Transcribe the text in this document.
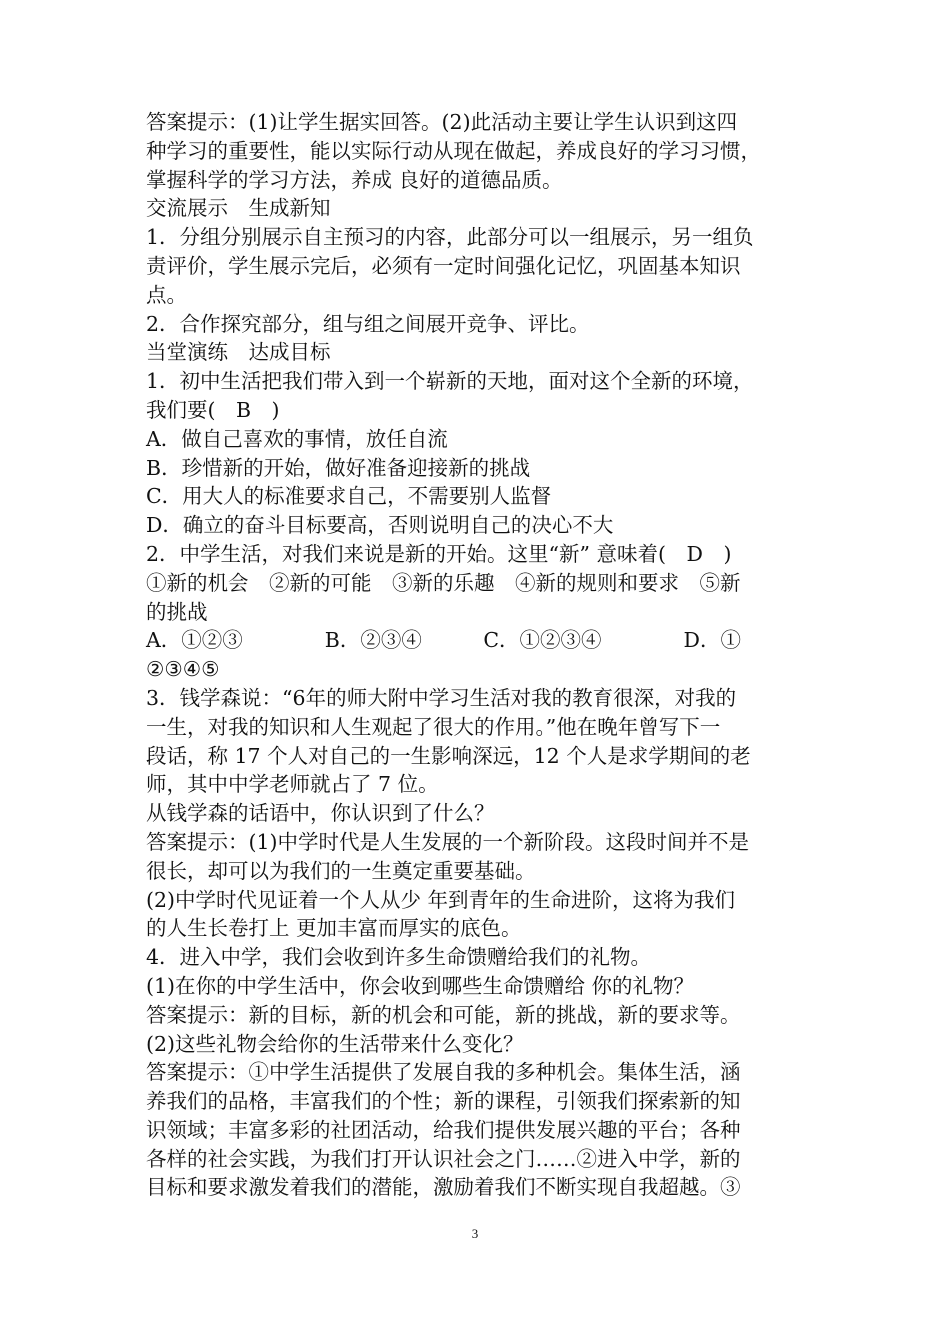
答案提示：(1)让学生据实回答。(2)此活动主要让学生认识到这四
种学习的重要性，能以实际行动从现在做起，养成良好的学习习惯，
掌握科学的学习方法，养成 良好的道德品质。
交流展示　生成新知
1．分组分别展示自主预习的内容，此部分可以一组展示，另一组负
责评价，学生展示完后，必须有一定时间强化记忆，巩固基本知识
点。
2．合作探究部分，组与组之间展开竞争、评比。
当堂演练　达成目标
1．初中生活把我们带入到一个崭新的天地，面对这个全新的环境，
我们要(　B　)
A．做自己喜欢的事情，放任自流
B．珍惜新的开始，做好准备迎接新的挑战
C．用大人的标准要求自己，不需要别人监督
D．确立的奋斗目标要高，否则说明自己的决心不大
2．中学生活，对我们来说是新的开始。这里“新” 意味着(　D　)
①新的机会　②新的可能　③新的乐趣　④新的规则和要求　⑤新
的挑战
A．①②③　　　　B．②③④　　　C．①②③④　　　　D．①
②③④⑤
3．钱学森说：“6年的师大附中学习生活对我的教育很深，对我的
一生，对我的知识和人生观起了很大的作用。”他在晚年曾写下一
段话，称 17 个人对自己的一生影响深远，12 个人是求学期间的老
师，其中中学老师就占了 7 位。
从钱学森的话语中，你认识到了什么？
答案提示：(1)中学时代是人生发展的一个新阶段。这段时间并不是
很长，却可以为我们的一生奠定重要基础。
(2)中学时代见证着一个人从少 年到青年的生命进阶，这将为我们
的人生长卷打上 更加丰富而厚实的底色。
4．进入中学，我们会收到许多生命馈赠给我们的礼物。
(1)在你的中学生活中，你会收到哪些生命馈赠给 你的礼物？
答案提示：新的目标，新的机会和可能，新的挑战，新的要求等。
(2)这些礼物会给你的生活带来什么变化？
答案提示：①中学生活提供了发展自我的多种机会。集体生活，涵
养我们的品格，丰富我们的个性；新的课程，引领我们探索新的知
识领域；丰富多彩的社团活动，给我们提供发展兴趣的平台；各种
各样的社会实践，为我们打开认识社会之门……②进入中学，新的
目标和要求激发着我们的潜能，激励着我们不断实现自我超越。③
3
